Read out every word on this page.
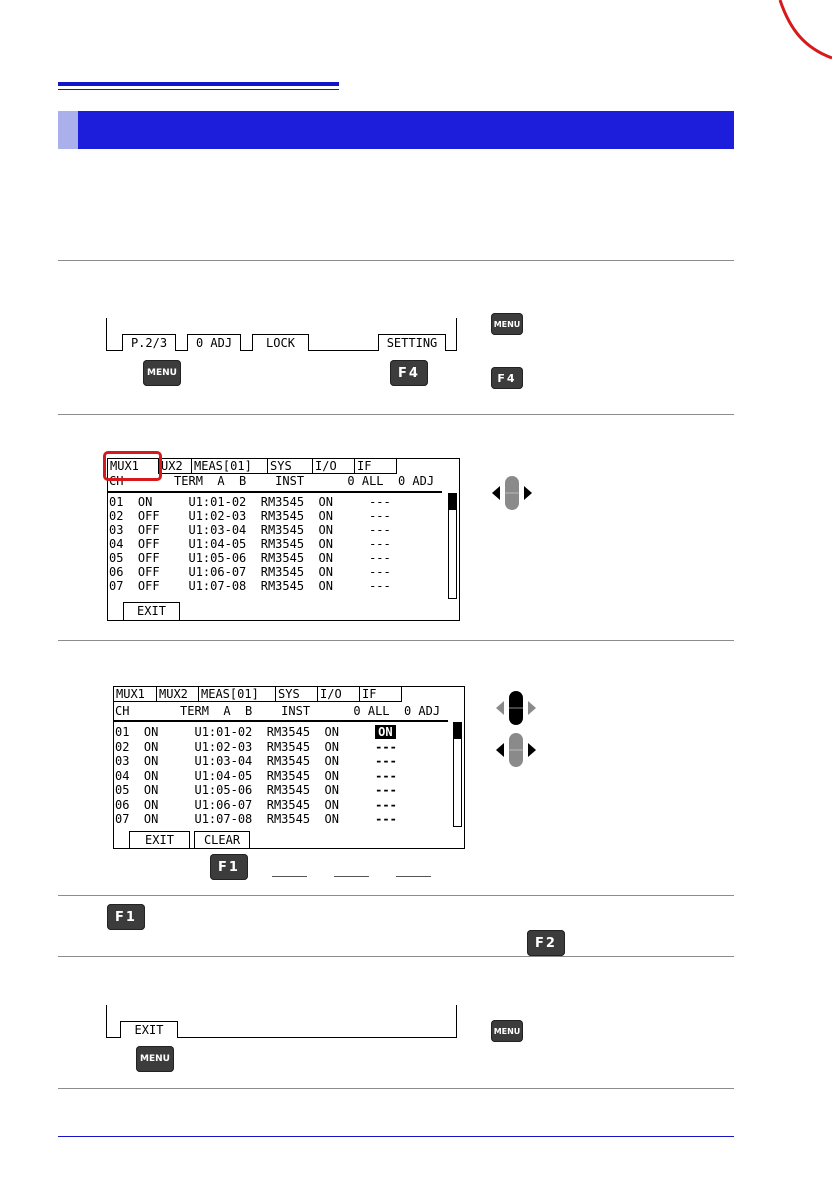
P.2/3	0 ADJ	LOCK	SETTING
MENU	F4
MENU
F4
MUX1	UX2 MEAS[01]	SYS	I/O	IF
CH       TERM  A  B    INST      0 ALL  0 ADJ
01  ON     U1:01-02  RM3545  ON     ---
02  OFF    U1:02-03  RM3545  ON     ---
03  OFF    U1:03-04  RM3545  ON     ---
04  OFF    U1:04-05  RM3545  ON     ---
05  OFF    U1:05-06  RM3545  ON     ---
06  OFF    U1:06-07  RM3545  ON     ---
07  OFF    U1:07-08  RM3545  ON     ---
EXIT
MUX1	MUX2	MEAS[01]	SYS	I/O	IF
CH       TERM  A  B    INST      0 ALL  0 ADJ
01 ON	U1:01-02 RM3545 ON	ON
02 ON	U1:02-03 RM3545 ON	---
03 ON	U1:03-04 RM3545 ON	---
04 ON	U1:04-05 RM3545 ON	---
05 ON	U1:05-06 RM3545 ON	---
06 ON	U1:06-07 RM3545 ON	---
07 ON	U1:07-08 RM3545 ON	---
EXIT	CLEAR
F1
F1
F2
EXIT
MENU
MENU
